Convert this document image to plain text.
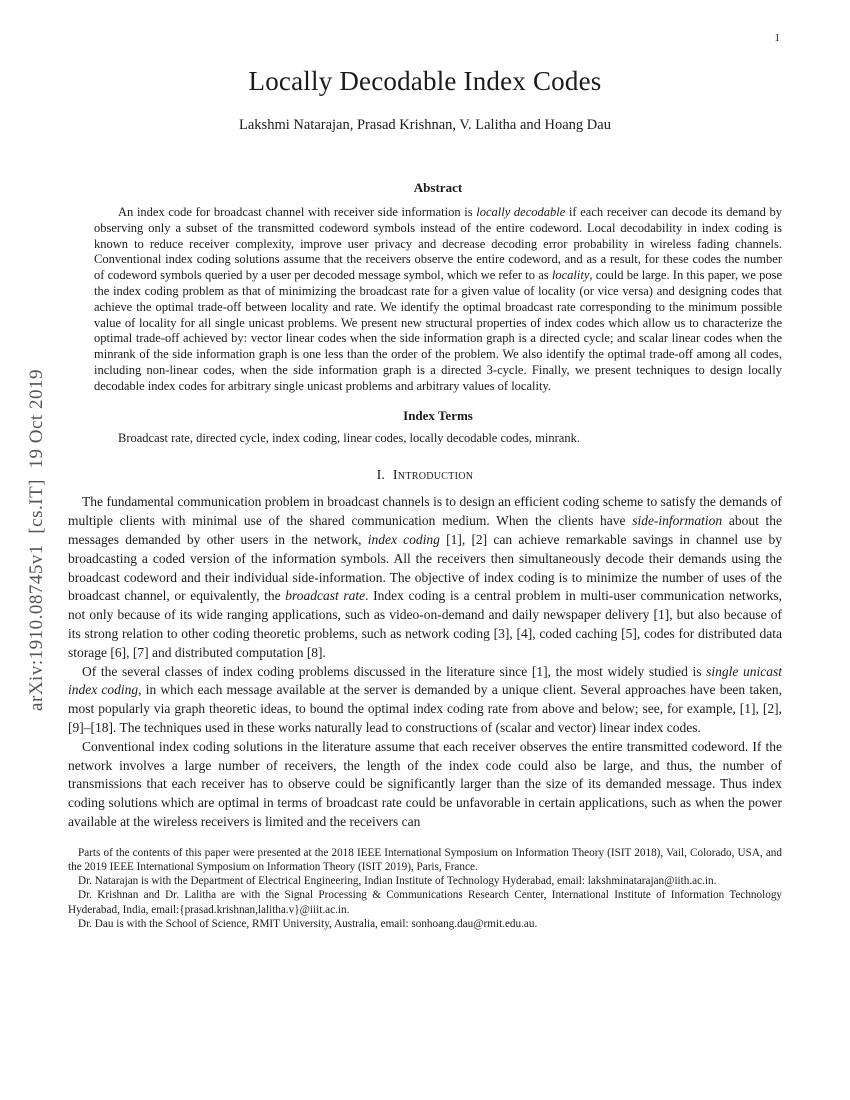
1
arXiv:1910.08745v1  [cs.IT]  19 Oct 2019
Locally Decodable Index Codes
Lakshmi Natarajan, Prasad Krishnan, V. Lalitha and Hoang Dau
Abstract

An index code for broadcast channel with receiver side information is locally decodable if each receiver can decode its demand by observing only a subset of the transmitted codeword symbols instead of the entire codeword. Local decodability in index coding is known to reduce receiver complexity, improve user privacy and decrease decoding error probability in wireless fading channels. Conventional index coding solutions assume that the receivers observe the entire codeword, and as a result, for these codes the number of codeword symbols queried by a user per decoded message symbol, which we refer to as locality, could be large. In this paper, we pose the index coding problem as that of minimizing the broadcast rate for a given value of locality (or vice versa) and designing codes that achieve the optimal trade-off between locality and rate. We identify the optimal broadcast rate corresponding to the minimum possible value of locality for all single unicast problems. We present new structural properties of index codes which allow us to characterize the optimal trade-off achieved by: vector linear codes when the side information graph is a directed cycle; and scalar linear codes when the minrank of the side information graph is one less than the order of the problem. We also identify the optimal trade-off among all codes, including non-linear codes, when the side information graph is a directed 3-cycle. Finally, we present techniques to design locally decodable index codes for arbitrary single unicast problems and arbitrary values of locality.

Index Terms

Broadcast rate, directed cycle, index coding, linear codes, locally decodable codes, minrank.

I. Introduction

The fundamental communication problem in broadcast channels is to design an efficient coding scheme to satisfy the demands of multiple clients with minimal use of the shared communication medium. When the clients have side-information about the messages demanded by other users in the network, index coding [1], [2] can achieve remarkable savings in channel use by broadcasting a coded version of the information symbols. All the receivers then simultaneously decode their demands using the broadcast codeword and their individual side-information. The objective of index coding is to minimize the number of uses of the broadcast channel, or equivalently, the broadcast rate. Index coding is a central problem in multi-user communication networks, not only because of its wide ranging applications, such as video-on-demand and daily newspaper delivery [1], but also because of its strong relation to other coding theoretic problems, such as network coding [3], [4], coded caching [5], codes for distributed data storage [6], [7] and distributed computation [8].

Of the several classes of index coding problems discussed in the literature since [1], the most widely studied is single unicast index coding, in which each message available at the server is demanded by a unique client. Several approaches have been taken, most popularly via graph theoretic ideas, to bound the optimal index coding rate from above and below; see, for example, [1], [2], [9]–[18]. The techniques used in these works naturally lead to constructions of (scalar and vector) linear index codes.

Conventional index coding solutions in the literature assume that each receiver observes the entire transmitted codeword. If the network involves a large number of receivers, the length of the index code could also be large, and thus, the number of transmissions that each receiver has to observe could be significantly larger than the size of its demanded message. Thus index coding solutions which are optimal in terms of broadcast rate could be unfavorable in certain applications, such as when the power available at the wireless receivers is limited and the receivers can

Parts of the contents of this paper were presented at the 2018 IEEE International Symposium on Information Theory (ISIT 2018), Vail, Colorado, USA, and the 2019 IEEE International Symposium on Information Theory (ISIT 2019), Paris, France.

Dr. Natarajan is with the Department of Electrical Engineering, Indian Institute of Technology Hyderabad, email: lakshminatarajan@iith.ac.in.

Dr. Krishnan and Dr. Lalitha are with the Signal Processing & Communications Research Center, International Institute of Information Technology Hyderabad, India, email:{prasad.krishnan,lalitha.v}@iiit.ac.in.

Dr. Dau is with the School of Science, RMIT University, Australia, email: sonhoang.dau@rmit.edu.au.
